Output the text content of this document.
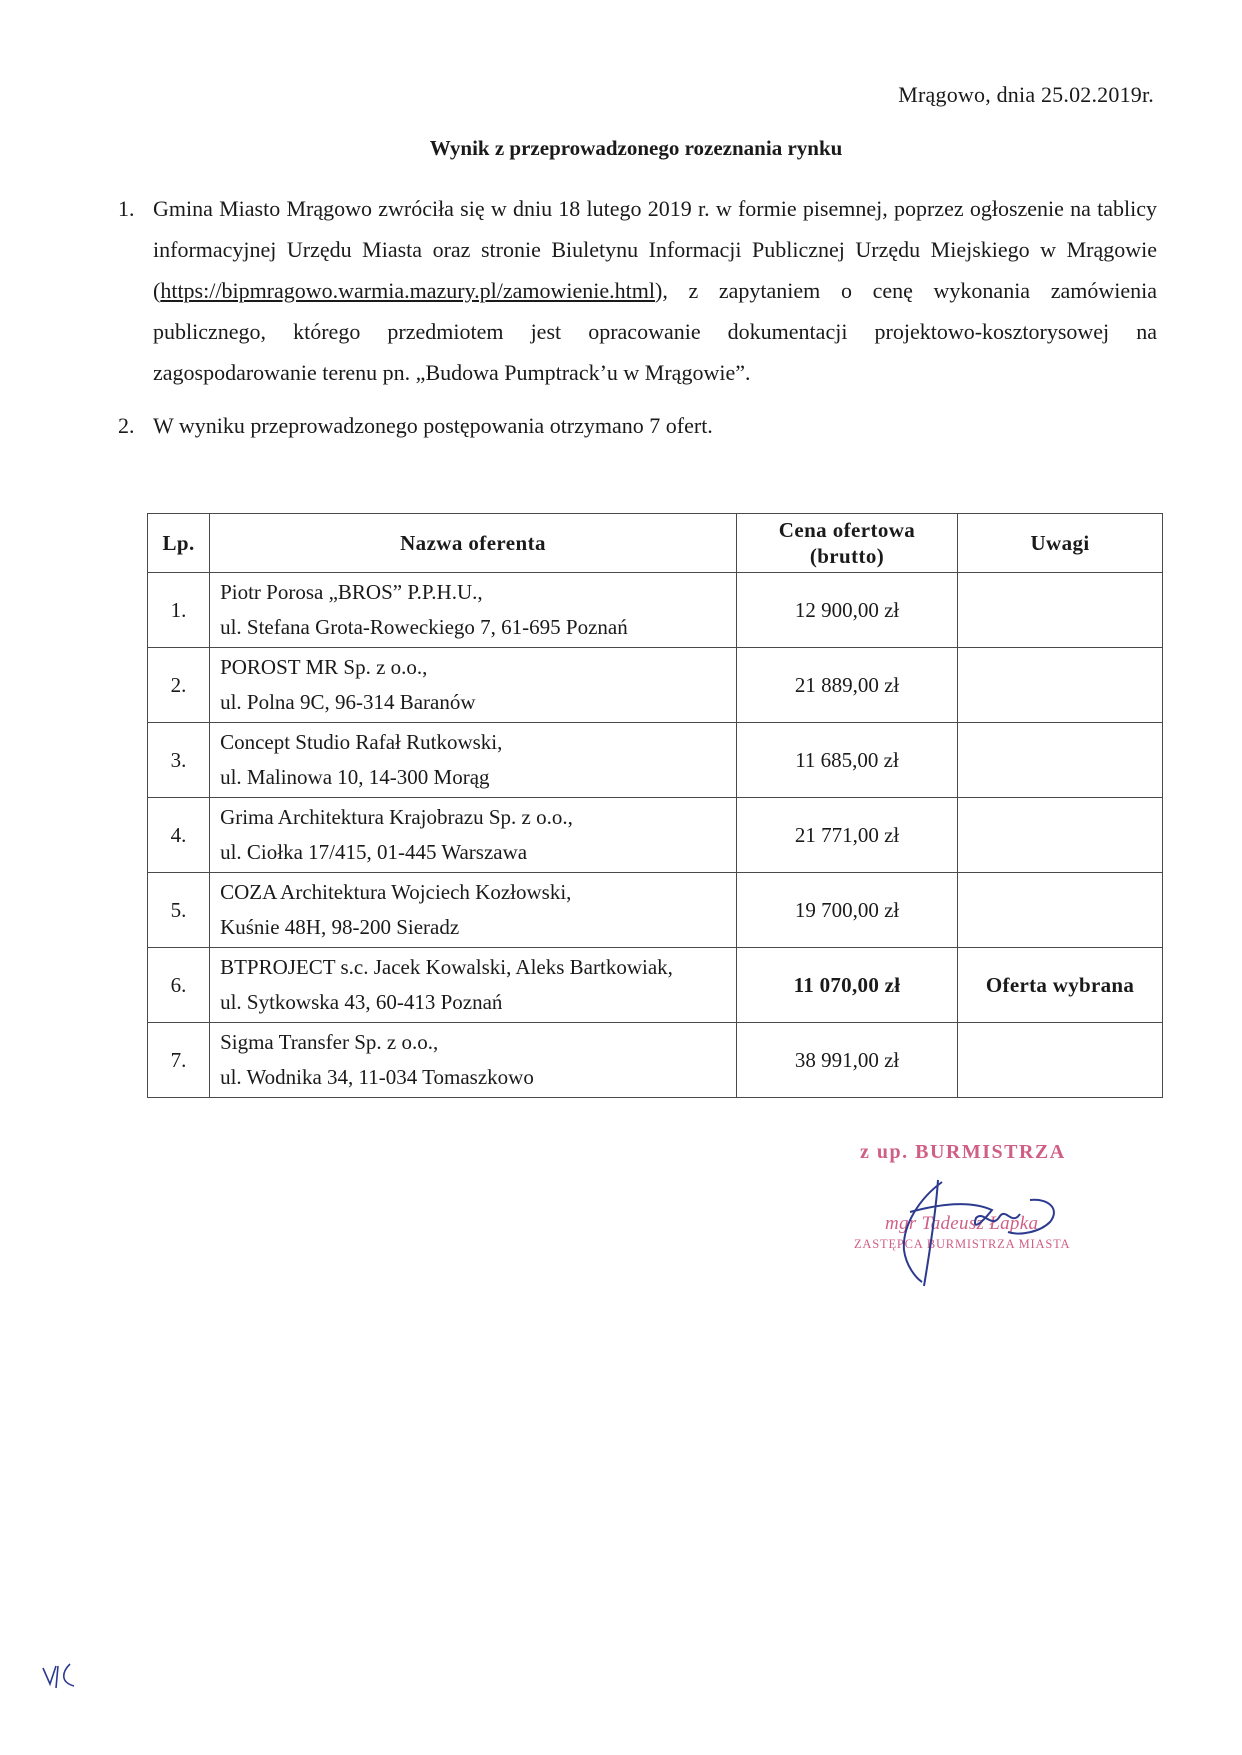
Mrągowo, dnia 25.02.2019r.
Wynik z przeprowadzonego rozeznania rynku
1. Gmina Miasto Mrągowo zwróciła się w dniu 18 lutego 2019 r. w formie pisemnej, poprzez ogłoszenie na tablicy informacyjnej Urzędu Miasta oraz stronie Biuletynu Informacji Publicznej Urzędu Miejskiego w Mrągowie (https://bipmragowo.warmia.mazury.pl/zamowienie.html), z zapytaniem o cenę wykonania zamówienia publicznego, którego przedmiotem jest opracowanie dokumentacji projektowo-kosztorysowej na zagospodarowanie terenu pn. „Budowa Pumptrack’u w Mrągowie”.
2. W wyniku przeprowadzonego postępowania otrzymano 7 ofert.
Lp.	Nazwa oferenta	Cena ofertowa
(brutto)	Uwagi
1.	Piotr Porosa „BROS” P.P.H.U.,
ul. Stefana Grota-Roweckiego 7, 61-695 Poznań	12 900,00 zł	
2.	POROST MR Sp. z o.o.,
ul. Polna 9C, 96-314 Baranów	21 889,00 zł	
3.	Concept Studio Rafał Rutkowski,
ul. Malinowa 10, 14-300 Morąg	11 685,00 zł	
4.	Grima Architektura Krajobrazu Sp. z o.o.,
ul. Ciołka 17/415, 01-445 Warszawa	21 771,00 zł	
5.	COZA Architektura Wojciech Kozłowski,
Kuśnie 48H, 98-200 Sieradz	19 700,00 zł	
6.	BTPROJECT s.c. Jacek Kowalski, Aleks Bartkowiak,
ul. Sytkowska 43, 60-413 Poznań	11 070,00 zł	Oferta wybrana
7.	Sigma Transfer Sp. z o.o.,
ul. Wodnika 34, 11-034 Tomaszkowo	38 991,00 zł	
z up. BURMISTRZA
mgr Tadeusz Łapka
ZASTĘPCA BURMISTRZA MIASTA
